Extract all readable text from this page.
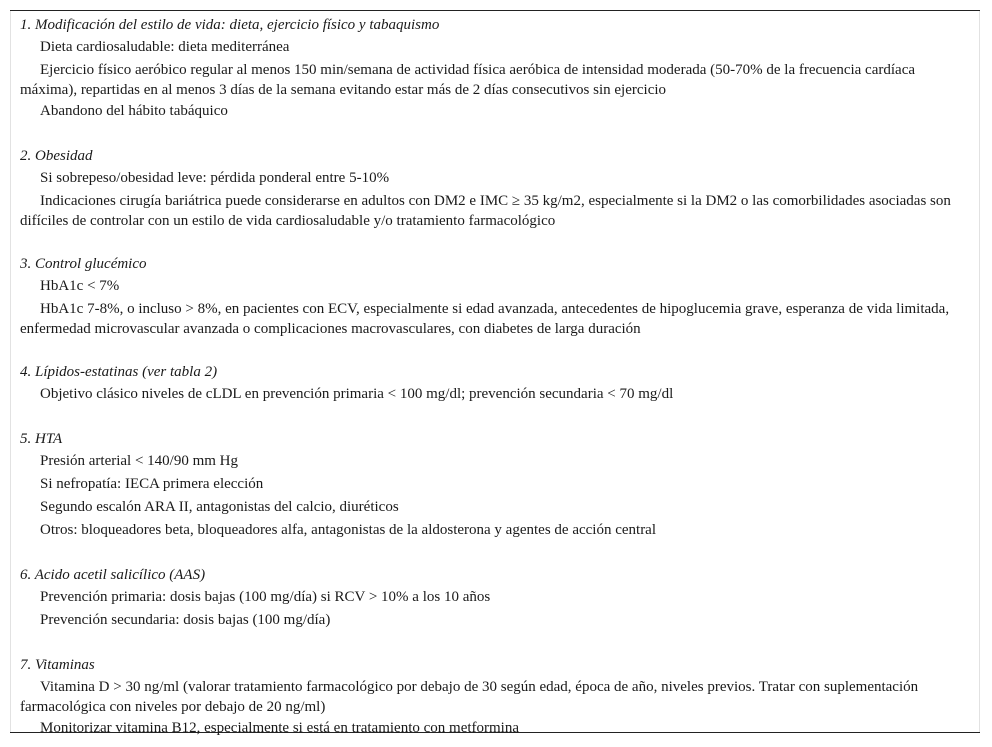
1. Modificación del estilo de vida: dieta, ejercicio físico y tabaquismo
Dieta cardiosaludable: dieta mediterránea
Ejercicio físico aeróbico regular al menos 150 min/semana de actividad física aeróbica de intensidad moderada (50-70% de la frecuencia cardíaca máxima), repartidas en al menos 3 días de la semana evitando estar más de 2 días consecutivos sin ejercicio
Abandono del hábito tabáquico
2. Obesidad
Si sobrepeso/obesidad leve: pérdida ponderal entre 5-10%
Indicaciones cirugía bariátrica puede considerarse en adultos con DM2 e IMC ≥ 35 kg/m2, especialmente si la DM2 o las comorbilidades asociadas son difíciles de controlar con un estilo de vida cardiosaludable y/o tratamiento farmacológico
3. Control glucémico
HbA1c < 7%
HbA1c 7-8%, o incluso > 8%, en pacientes con ECV, especialmente si edad avanzada, antecedentes de hipoglucemia grave, esperanza de vida limitada, enfermedad microvascular avanzada o complicaciones macrovasculares, con diabetes de larga duración
4. Lípidos-estatinas (ver tabla 2)
Objetivo clásico niveles de cLDL en prevención primaria < 100 mg/dl; prevención secundaria < 70 mg/dl
5. HTA
Presión arterial < 140/90 mm Hg
Si nefropatía: IECA primera elección
Segundo escalón ARA II, antagonistas del calcio, diuréticos
Otros: bloqueadores beta, bloqueadores alfa, antagonistas de la aldosterona y agentes de acción central
6. Acido acetil salicílico (AAS)
Prevención primaria: dosis bajas (100 mg/día) si RCV > 10% a los 10 años
Prevención secundaria: dosis bajas (100 mg/día)
7. Vitaminas
Vitamina D > 30 ng/ml (valorar tratamiento farmacológico por debajo de 30 según edad, época de año, niveles previos. Tratar con suplementación farmacológica con niveles por debajo de 20 ng/ml)
Monitorizar vitamina B12, especialmente si está en tratamiento con metformina
